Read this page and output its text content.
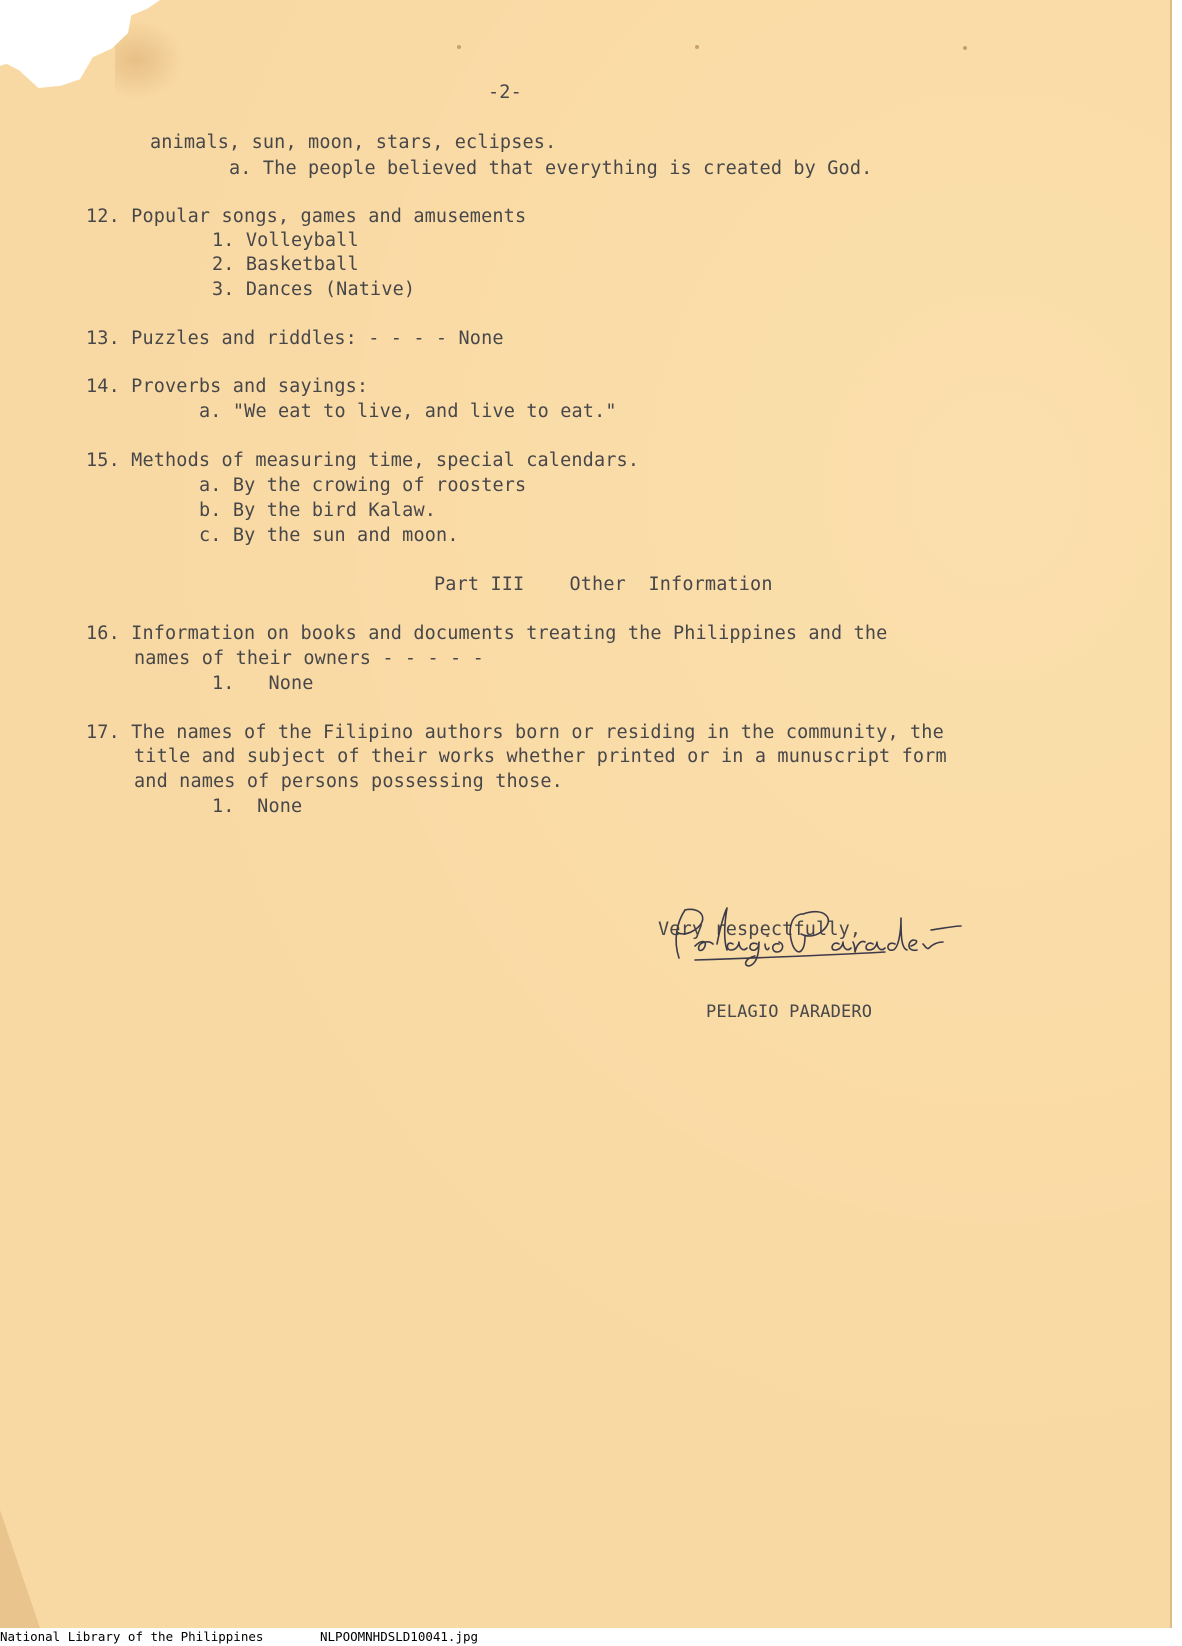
-2-

animals, sun, moon, stars, eclipses.

a. The people believed that everything is created by God.

12. Popular songs, games and amusements

1. Volleyball

2. Basketball

3. Dances (Native)

13. Puzzles and riddles: - - - - None

14. Proverbs and sayings:

a. "We eat to live, and live to eat."

15. Methods of measuring time, special calendars.

a. By the crowing of roosters

b. By the bird Kalaw.

c. By the sun and moon.

Part III    Other  Information

16. Information on books and documents treating the Philippines and the

names of their owners - - - - -

1.   None

17. The names of the Filipino authors born or residing in the community, the

title and subject of their works whether printed or in a munuscript form

and names of persons possessing those.

1.  None

Very respectfully,

PELAGIO PARADERO

National Library of the Philippines	NLPOOMNHDSLD10041.jpg
